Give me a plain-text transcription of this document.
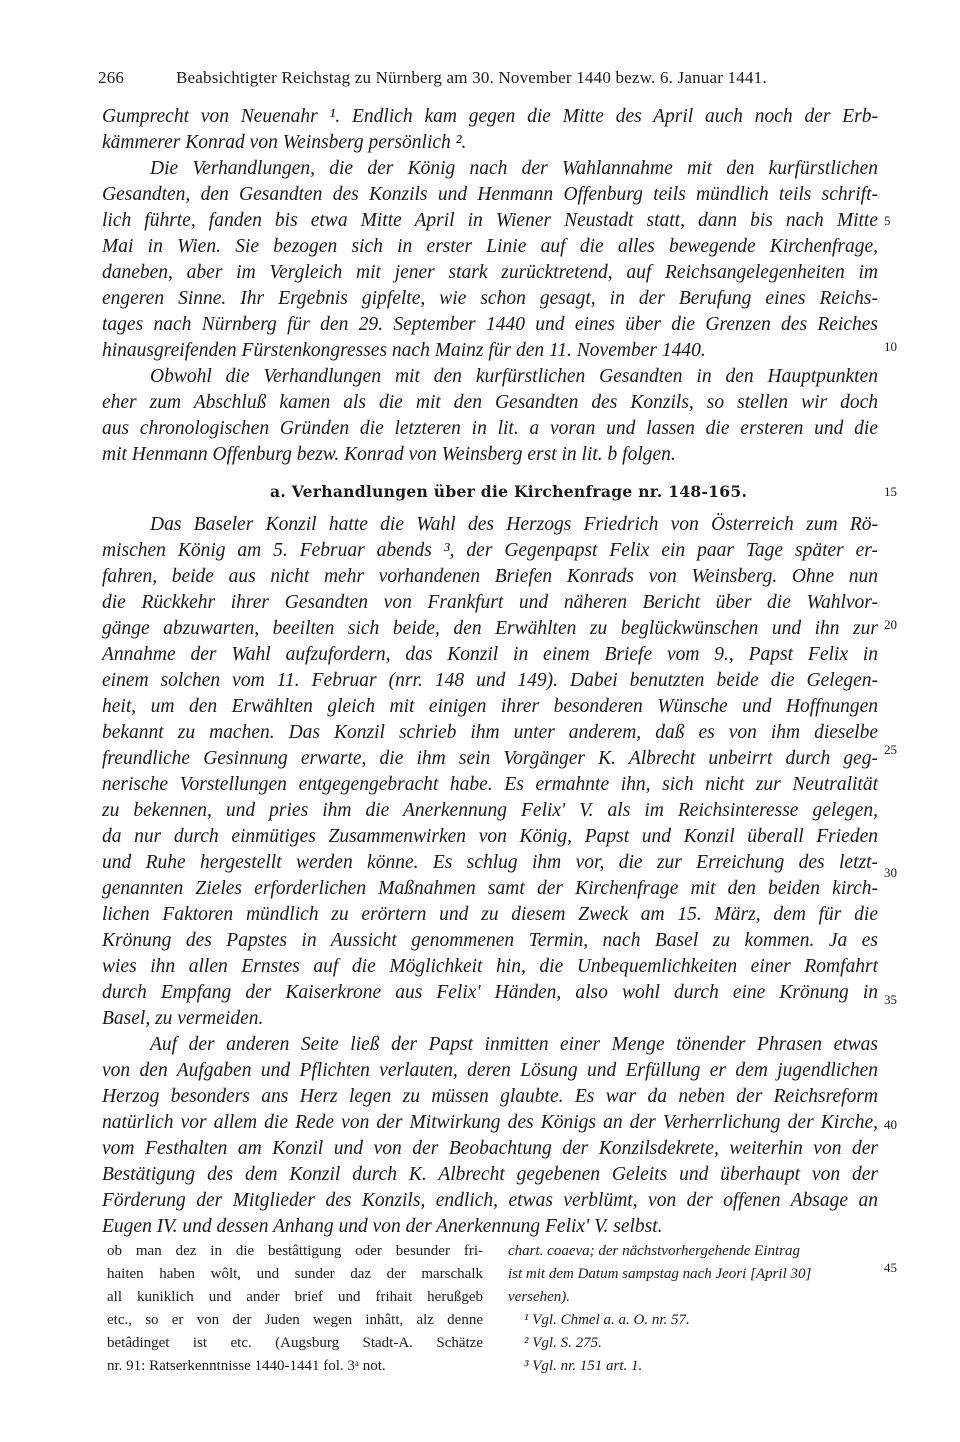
266	Beabsichtigter Reichstag zu Nürnberg am 30. November 1440 bezw. 6. Januar 1441.
Gumprecht von Neuenahr ¹. Endlich kam gegen die Mitte des April auch noch der Erb-
kämmerer Konrad von Weinsberg persönlich ².
Die Verhandlungen, die der König nach der Wahlannahme mit den kurfürstlichen
Gesandten, den Gesandten des Konzils und Henmann Offenburg teils mündlich teils schrift-
lich führte, fanden bis etwa Mitte April in Wiener Neustadt statt, dann bis nach Mitte
Mai in Wien. Sie bezogen sich in erster Linie auf die alles bewegende Kirchenfrage,
daneben, aber im Vergleich mit jener stark zurücktretend, auf Reichsangelegenheiten im
engeren Sinne. Ihr Ergebnis gipfelte, wie schon gesagt, in der Berufung eines Reichs-
tages nach Nürnberg für den 29. September 1440 und eines über die Grenzen des Reiches
hinausgreifenden Fürstenkongresses nach Mainz für den 11. November 1440.
Obwohl die Verhandlungen mit den kurfürstlichen Gesandten in den Hauptpunkten
eher zum Abschluß kamen als die mit den Gesandten des Konzils, so stellen wir doch
aus chronologischen Gründen die letzteren in lit. a voran und lassen die ersteren und die
mit Henmann Offenburg bezw. Konrad von Weinsberg erst in lit. b folgen.
a. Verhandlungen über die Kirchenfrage nr. 148-165.
Das Baseler Konzil hatte die Wahl des Herzogs Friedrich von Österreich zum Rö-
mischen König am 5. Februar abends ³, der Gegenpapst Felix ein paar Tage später er-
fahren, beide aus nicht mehr vorhandenen Briefen Konrads von Weinsberg. Ohne nun
die Rückkehr ihrer Gesandten von Frankfurt und näheren Bericht über die Wahlvor-
gänge abzuwarten, beeilten sich beide, den Erwählten zu beglückwünschen und ihn zur
Annahme der Wahl aufzufordern, das Konzil in einem Briefe vom 9., Papst Felix in
einem solchen vom 11. Februar (nrr. 148 und 149). Dabei benutzten beide die Gelegen-
heit, um den Erwählten gleich mit einigen ihrer besonderen Wünsche und Hoffnungen
bekannt zu machen. Das Konzil schrieb ihm unter anderem, daß es von ihm dieselbe
freundliche Gesinnung erwarte, die ihm sein Vorgänger K. Albrecht unbeirrt durch geg-
nerische Vorstellungen entgegengebracht habe. Es ermahnte ihn, sich nicht zur Neutralität
zu bekennen, und pries ihm die Anerkennung Felix' V. als im Reichsinteresse gelegen,
da nur durch einmütiges Zusammenwirken von König, Papst und Konzil überall Frieden
und Ruhe hergestellt werden könne. Es schlug ihm vor, die zur Erreichung des letzt-
genannten Zieles erforderlichen Maßnahmen samt der Kirchenfrage mit den beiden kirch-
lichen Faktoren mündlich zu erörtern und zu diesem Zweck am 15. März, dem für die
Krönung des Papstes in Aussicht genommenen Termin, nach Basel zu kommen. Ja es
wies ihn allen Ernstes auf die Möglichkeit hin, die Unbequemlichkeiten einer Romfahrt
durch Empfang der Kaiserkrone aus Felix' Händen, also wohl durch eine Krönung in
Basel, zu vermeiden.
Auf der anderen Seite ließ der Papst inmitten einer Menge tönender Phrasen etwas
von den Aufgaben und Pflichten verlauten, deren Lösung und Erfüllung er dem jugendlichen
Herzog besonders ans Herz legen zu müssen glaubte. Es war da neben der Reichsreform
natürlich vor allem die Rede von der Mitwirkung des Königs an der Verherrlichung der Kirche,
vom Festhalten am Konzil und von der Beobachtung der Konzilsdekrete, weiterhin von der
Bestätigung des dem Konzil durch K. Albrecht gegebenen Geleits und überhaupt von der
Förderung der Mitglieder des Konzils, endlich, etwas verblümt, von der offenen Absage an
Eugen IV. und dessen Anhang und von der Anerkennung Felix' V. selbst.
5
10
15
20
25
30
35
40
45
ob man dez in die bestâttigung oder besunder fri-
haiten haben wôlt, und sunder daz der marschalk
all kuniklich und ander brief und frihait herußgeb
etc., so er von der Juden wegen inhâtt, alz denne
betâdinget ist etc. (Augsburg Stadt-A. Schätze
nr. 91: Ratserkenntnisse 1440-1441 fol. 3ᵃ not.
chart. coaeva; der nächstvorhergehende Eintrag
ist mit dem Datum sampstag nach Jeori [April 30]
versehen).
¹ Vgl. Chmel a. a. O. nr. 57.
² Vgl. S. 275.
³ Vgl. nr. 151 art. 1.
